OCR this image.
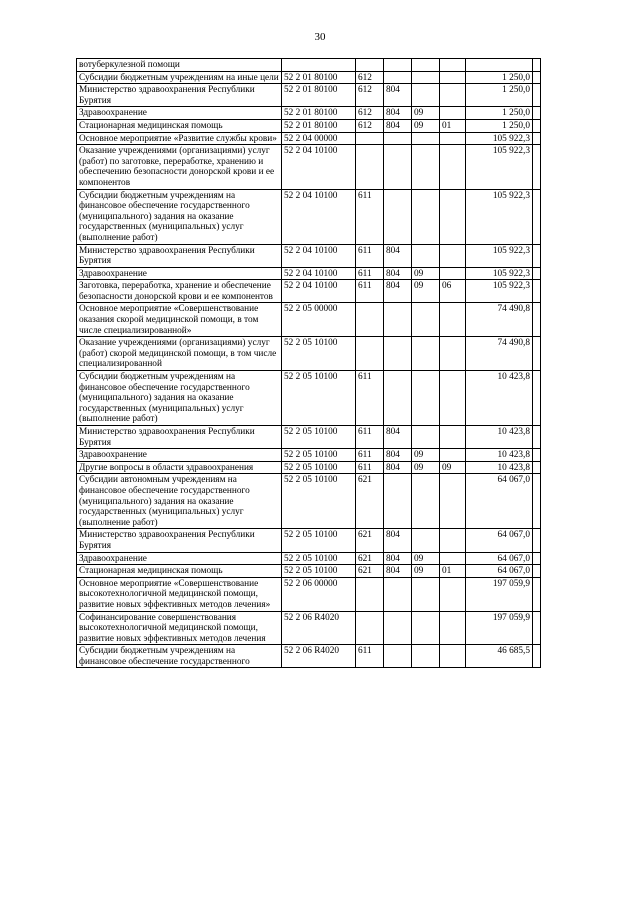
30
вотуберкулезной помощи							
Субсидии бюджетным учреждениям на иные цели	52 2 01 80100	612				1 250,0	
Министерство здравоохранения Республики Бурятия	52 2 01 80100	612	804			1 250,0	
Здравоохранение	52 2 01 80100	612	804	09		1 250,0	
Стационарная медицинская помощь	52 2 01 80100	612	804	09	01	1 250,0	
Основное мероприятие «Развитие службы крови»	52 2 04 00000					105 922,3	
Оказание учреждениями (организациями) услуг (работ) по заготовке, переработке, хранению и обеспечению безопасности донорской крови и ее компонентов	52 2 04 10100					105 922,3	
Субсидии бюджетным учреждениям на финансовое обеспечение государственного (муниципального) задания на оказание государственных (муниципальных) услуг (выполнение работ)	52 2 04 10100	611				105 922,3	
Министерство здравоохранения Республики Бурятия	52 2 04 10100	611	804			105 922,3	
Здравоохранение	52 2 04 10100	611	804	09		105 922,3	
Заготовка, переработка, хранение и обеспечение безопасности донорской крови и ее компонентов	52 2 04 10100	611	804	09	06	105 922,3	
Основное мероприятие «Совершенствование оказания скорой медицинской помощи, в том числе специализированной»	52 2 05 00000					74 490,8	
Оказание учреждениями (организациями) услуг (работ) скорой медицинской помощи, в том числе специализированной	52 2 05 10100					74 490,8	
Субсидии бюджетным учреждениям на финансовое обеспечение государственного (муниципального) задания на оказание государственных (муниципальных) услуг (выполнение работ)	52 2 05 10100	611				10 423,8	
Министерство здравоохранения Республики Бурятия	52 2 05 10100	611	804			10 423,8	
Здравоохранение	52 2 05 10100	611	804	09		10 423,8	
Другие вопросы в области здравоохранения	52 2 05 10100	611	804	09	09	10 423,8	
Субсидии автономным учреждениям на финансовое обеспечение государственного (муниципального) задания на оказание государственных (муниципальных) услуг (выполнение работ)	52 2 05 10100	621				64 067,0	
Министерство здравоохранения Республики Бурятия	52 2 05 10100	621	804			64 067,0	
Здравоохранение	52 2 05 10100	621	804	09		64 067,0	
Стационарная медицинская помощь	52 2 05 10100	621	804	09	01	64 067,0	
Основное мероприятие «Совершенствование высокотехнологичной медицинской помощи, развитие новых эффективных методов лечения»	52 2 06 00000					197 059,9	
Софинансирование совершенствования высокотехнологичной медицинской помощи, развитие новых эффективных методов лечения	52 2 06 R4020					197 059,9	
Субсидии бюджетным учреждениям на финансовое обеспечение государственного	52 2 06 R4020	611				46 685,5	
